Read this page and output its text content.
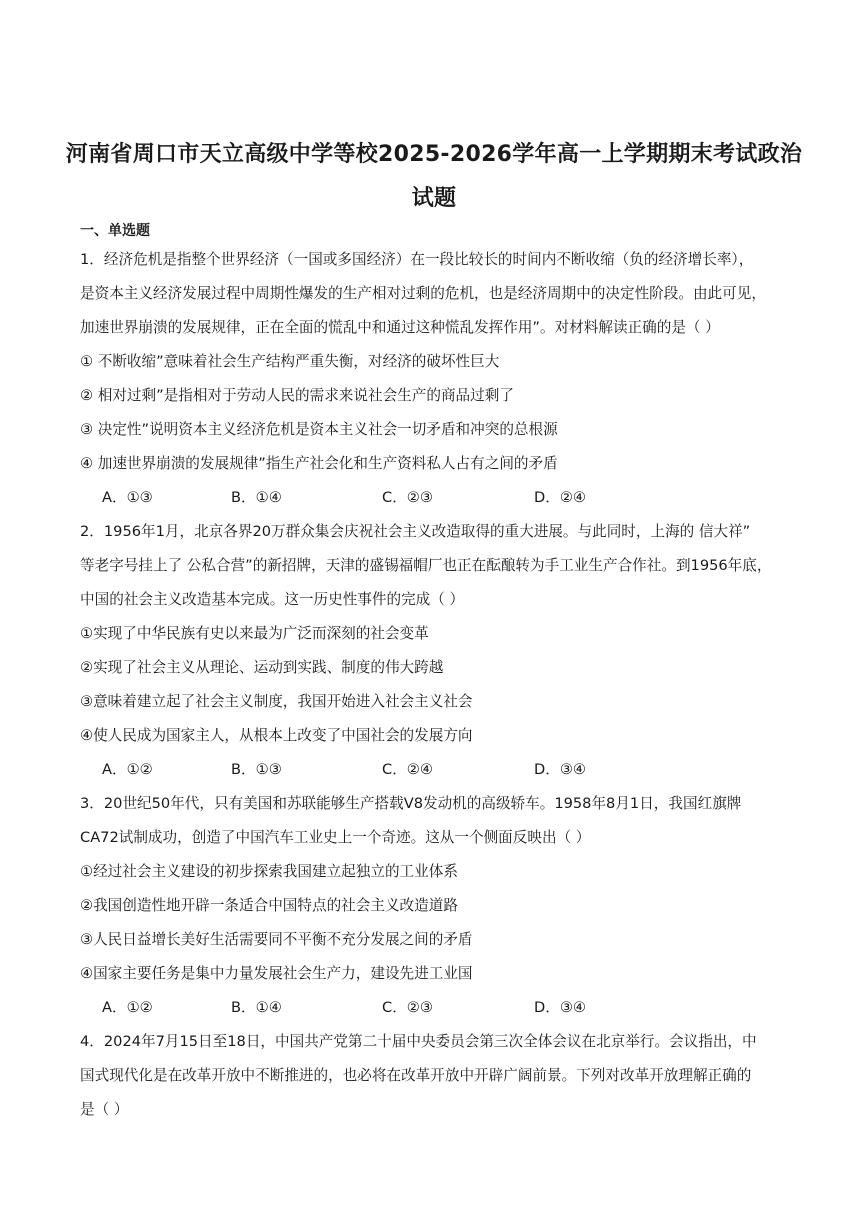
河南省周口市天立高级中学等校2025-2026学年高一上学期期末考试政治
试题
一、单选题
1．经济危机是指整个世界经济（一国或多国经济）在一段比较长的时间内不断收缩（负的经济增长率），
是资本主义经济发展过程中周期性爆发的生产相对过剩的危机，也是经济周期中的决定性阶段。由此可见，
加速世界崩溃的发展规律，正在全面的慌乱中和通过这种慌乱发挥作用”。对材料解读正确的是（ ）
① 不断收缩”意味着社会生产结构严重失衡，对经济的破坏性巨大
② 相对过剩”是指相对于劳动人民的需求来说社会生产的商品过剩了
③ 决定性”说明资本主义经济危机是资本主义社会一切矛盾和冲突的总根源
④ 加速世界崩溃的发展规律”指生产社会化和生产资料私人占有之间的矛盾
A．①③	B．①④	C．②③	D．②④
2．1956年1月，北京各界20万群众集会庆祝社会主义改造取得的重大进展。与此同时，上海的 信大祥”
等老字号挂上了 公私合营”的新招牌，天津的盛锡福帽厂也正在酝酿转为手工业生产合作社。到1956年底，
中国的社会主义改造基本完成。这一历史性事件的完成（ ）
①实现了中华民族有史以来最为广泛而深刻的社会变革
②实现了社会主义从理论、运动到实践、制度的伟大跨越
③意味着建立起了社会主义制度，我国开始进入社会主义社会
④使人民成为国家主人，从根本上改变了中国社会的发展方向
A．①②	B．①③	C．②④	D．③④
3．20世纪50年代，只有美国和苏联能够生产搭载V8发动机的高级轿车。1958年8月1日，我国红旗牌
CA72试制成功，创造了中国汽车工业史上一个奇迹。这从一个侧面反映出（ ）
①经过社会主义建设的初步探索我国建立起独立的工业体系
②我国创造性地开辟一条适合中国特点的社会主义改造道路
③人民日益增长美好生活需要同不平衡不充分发展之间的矛盾
④国家主要任务是集中力量发展社会生产力，建设先进工业国
A．①②	B．①④	C．②③	D．③④
4．2024年7月15日至18日，中国共产党第二十届中央委员会第三次全体会议在北京举行。会议指出，中
国式现代化是在改革开放中不断推进的，也必将在改革开放中开辟广阔前景。下列对改革开放理解正确的
是（ ）
